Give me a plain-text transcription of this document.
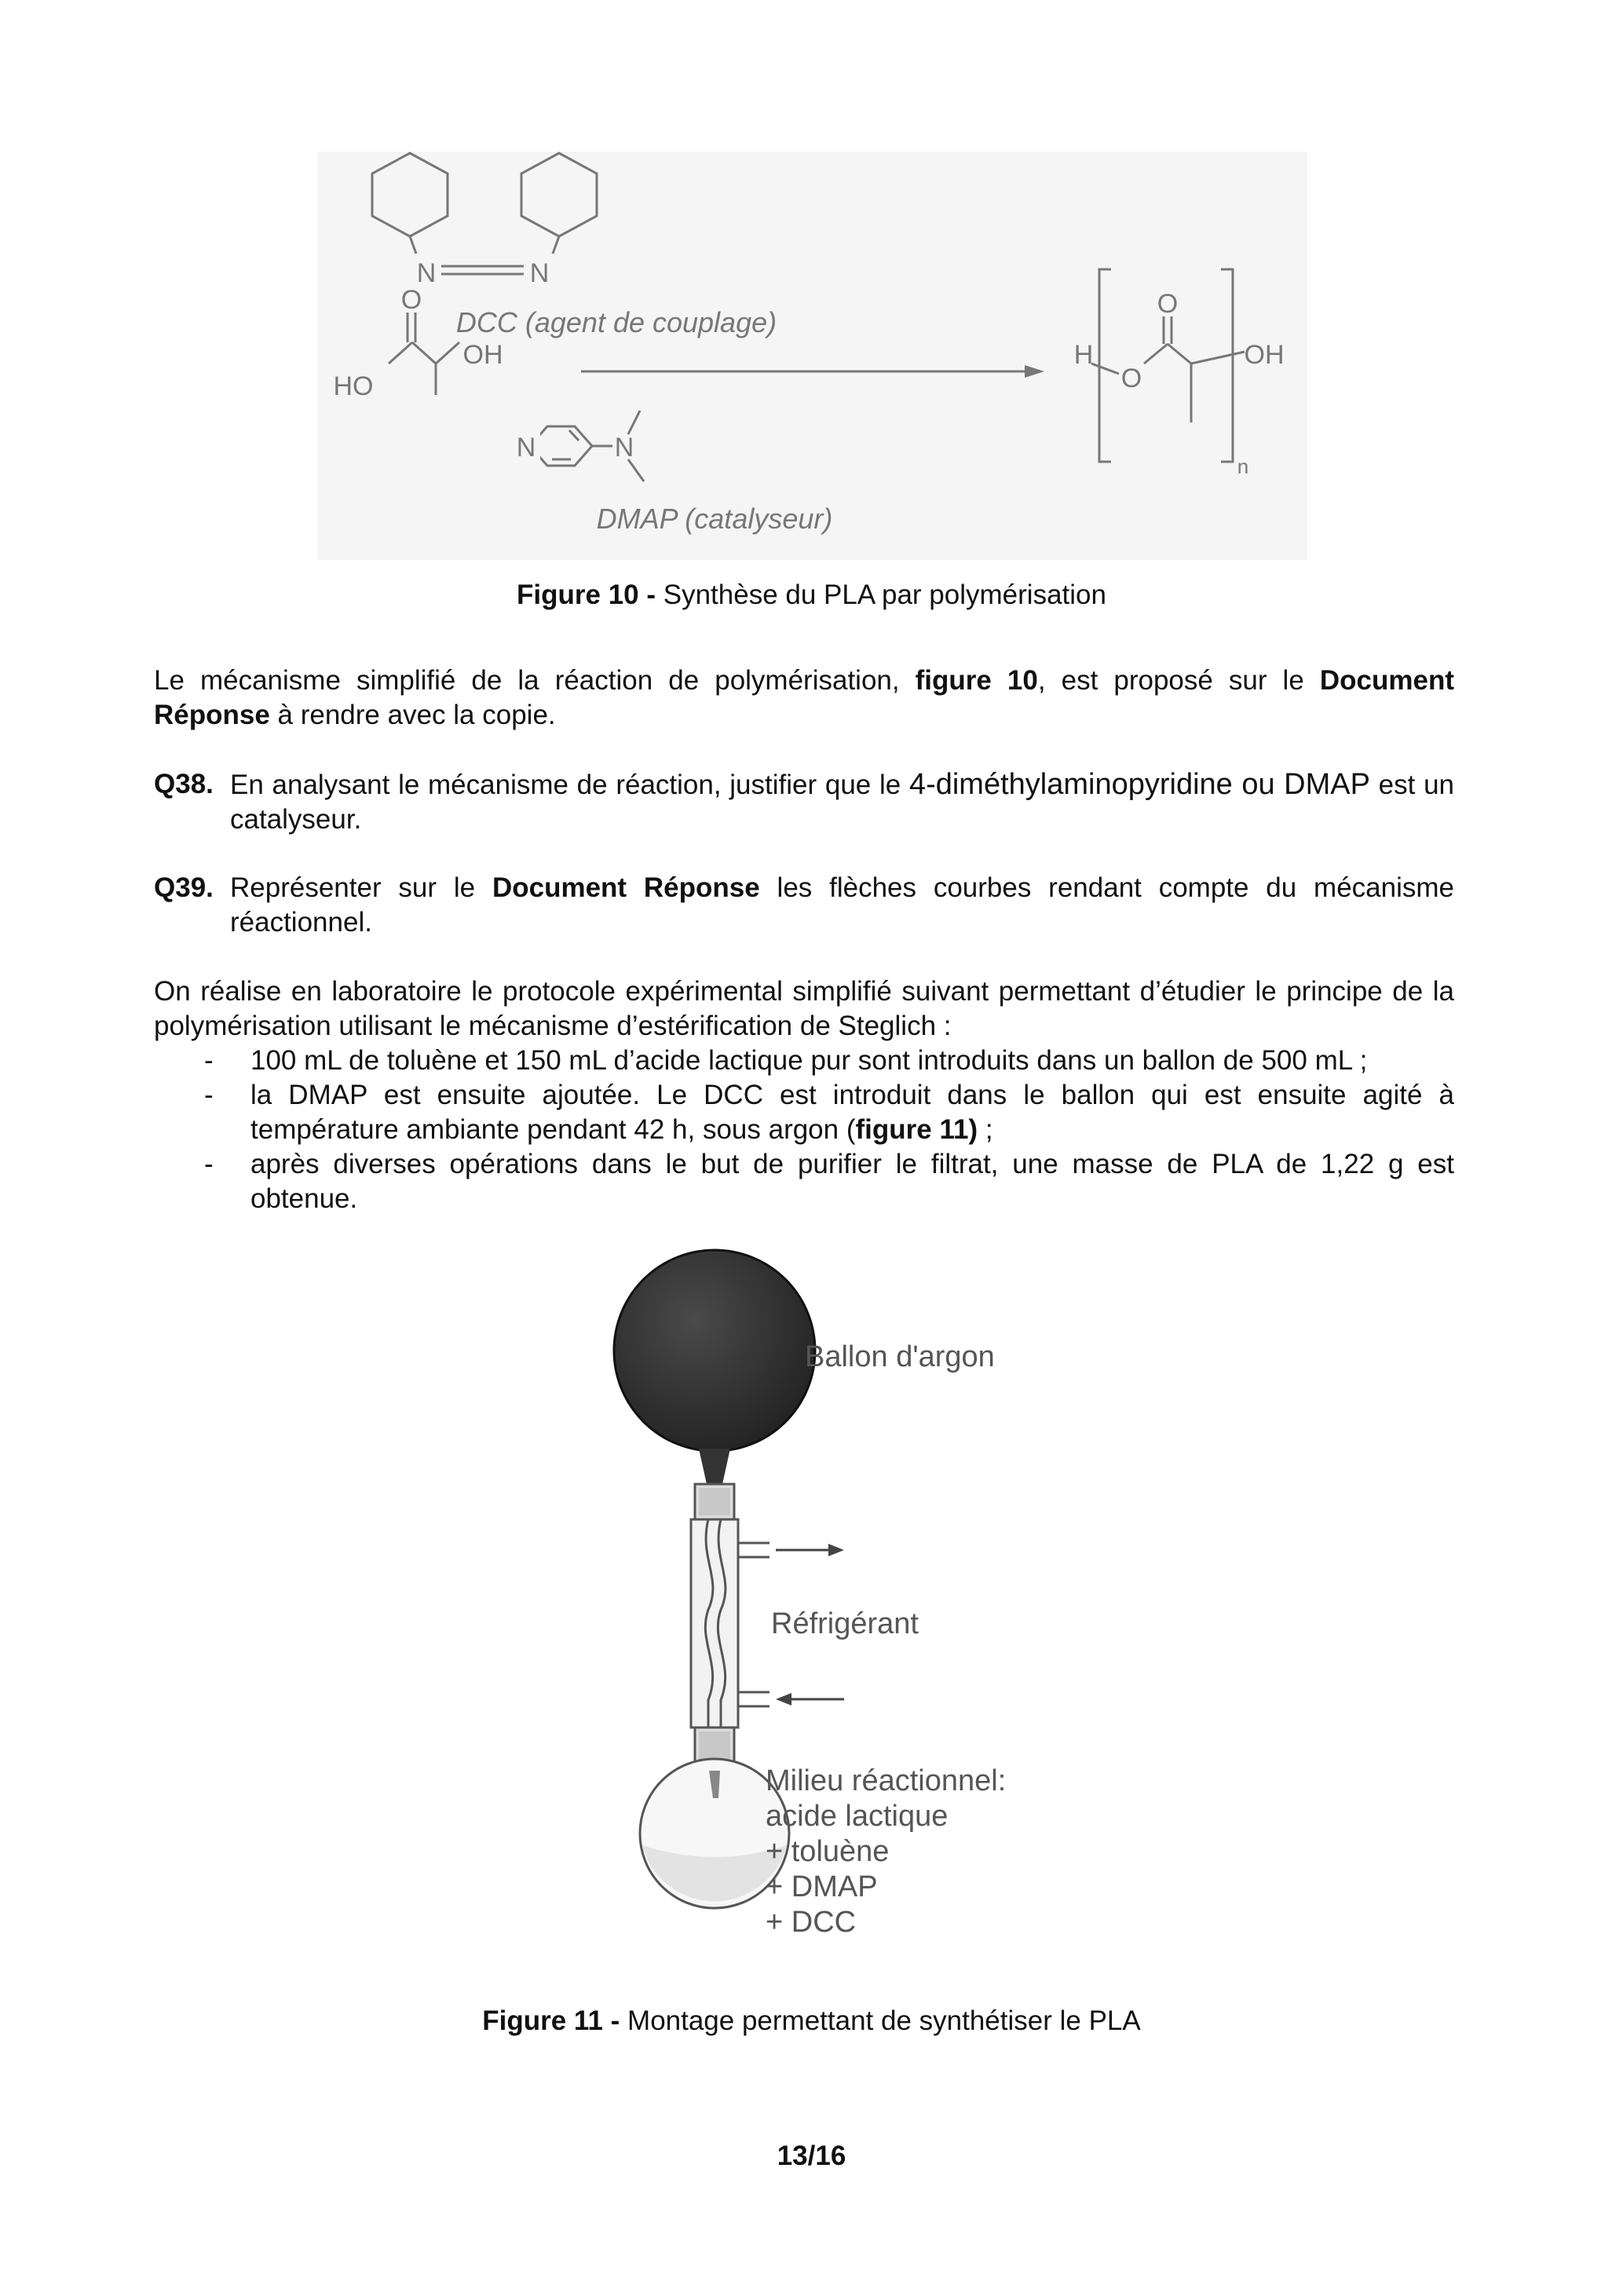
N	N
DCC (agent de couplage)
O
HO
OH
N	N
DMAP (catalyseur)
O
O
H	OH
n
Figure 10 - Synthèse du PLA par polymérisation
Le mécanisme simplifié de la réaction de polymérisation, figure 10, est proposé sur le Document Réponse à rendre avec la copie.
Q38. En analysant le mécanisme de réaction, justifier que le 4-diméthylaminopyridine ou DMAP est un catalyseur.
Q39. Représenter sur le Document Réponse les flèches courbes rendant compte du mécanisme réactionnel.
On réalise en laboratoire le protocole expérimental simplifié suivant permettant d’étudier le principe de la polymérisation utilisant le mécanisme d’estérification de Steglich :
- 100 mL de toluène et 150 mL d’acide lactique pur sont introduits dans un ballon de 500 mL ;
- la DMAP est ensuite ajoutée. Le DCC est introduit dans le ballon qui est ensuite agité à température ambiante pendant 42 h, sous argon (figure 11) ;
- après diverses opérations dans le but de purifier le filtrat, une masse de PLA de 1,22 g est obtenue.
Ballon d'argon
Réfrigérant
Milieu réactionnel:
acide lactique
+ toluène
+ DMAP
+ DCC
Figure 11 - Montage permettant de synthétiser le PLA
13/16
